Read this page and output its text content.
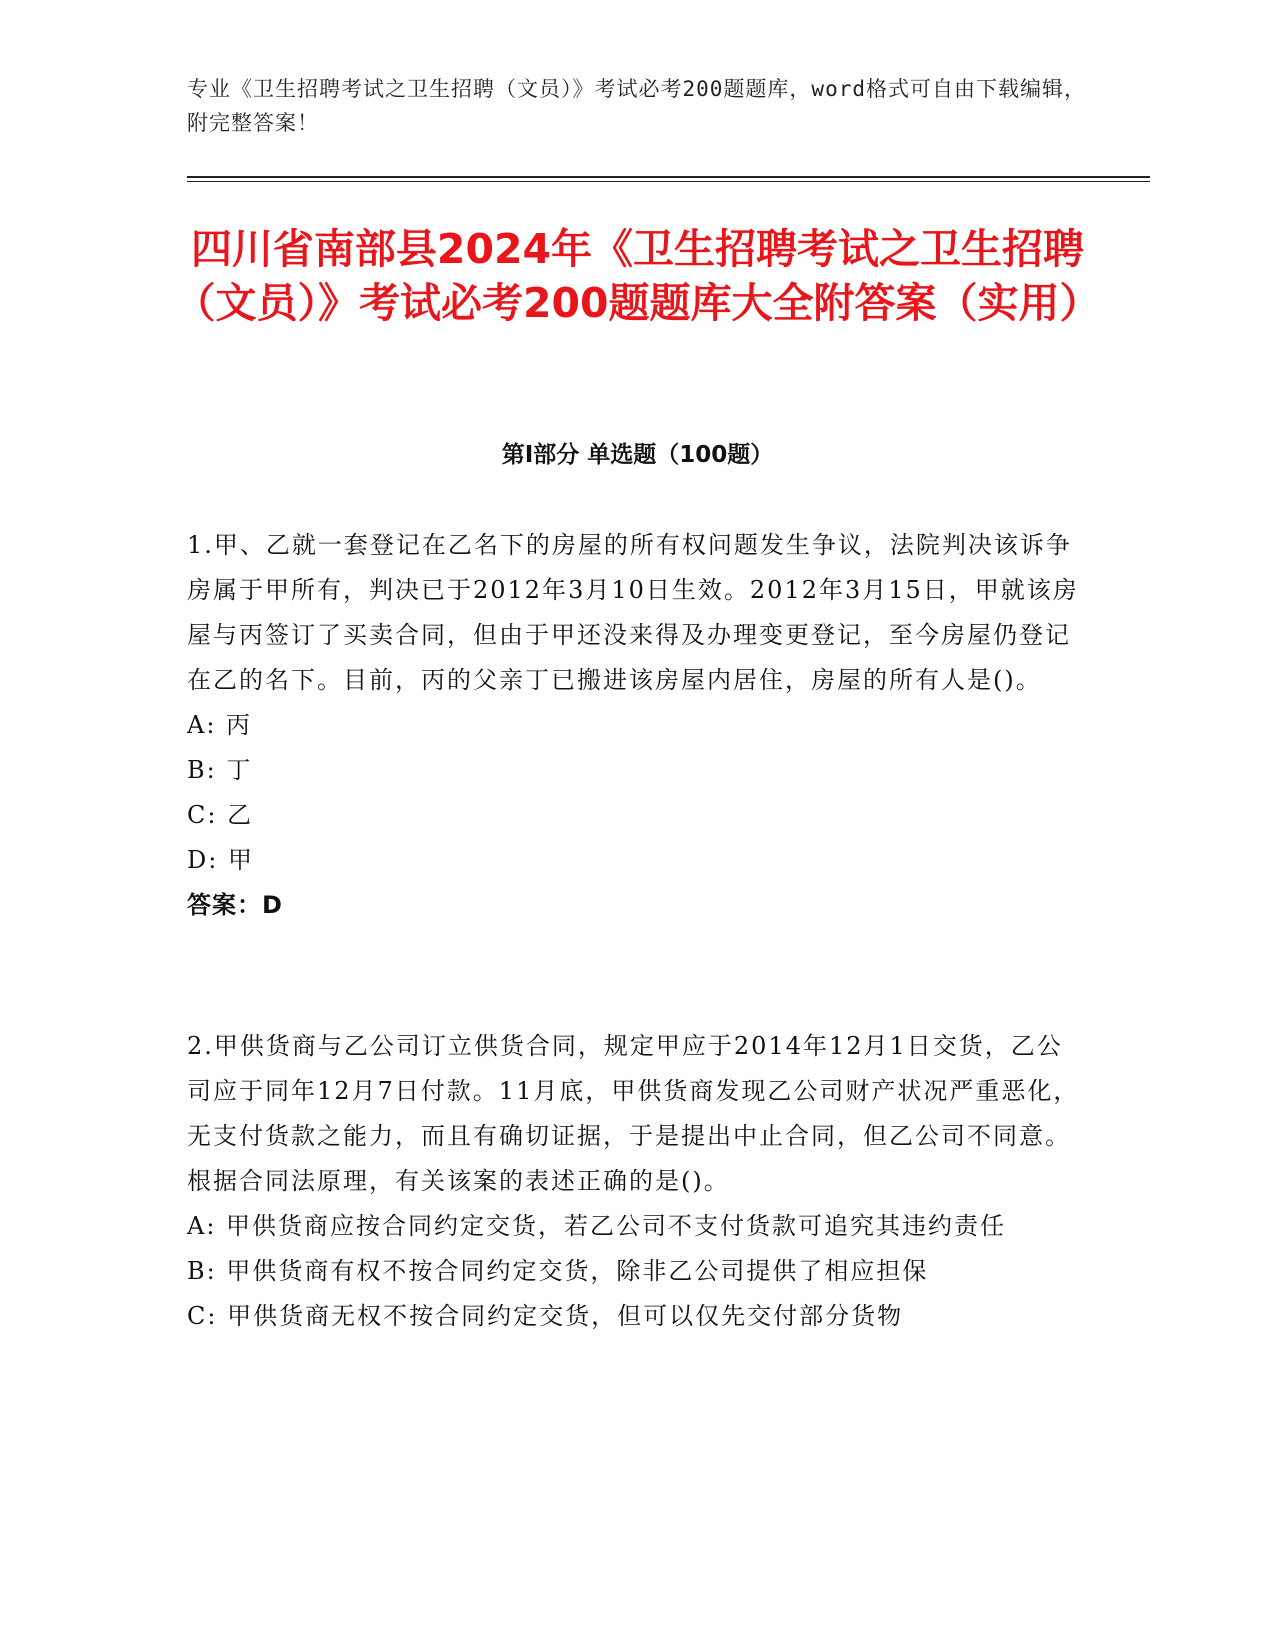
专业《卫生招聘考试之卫生招聘（文员）》考试必考200题题库，word格式可自由下载编辑，附完整答案！
四川省南部县2024年《卫生招聘考试之卫生招聘（文员）》考试必考200题题库大全附答案（实用）
第I部分 单选题（100题）

1.甲、乙就一套登记在乙名下的房屋的所有权问题发生争议，法院判决该诉争房属于甲所有，判决已于2012年3月10日生效。2012年3月15日，甲就该房屋与丙签订了买卖合同，但由于甲还没来得及办理变更登记，至今房屋仍登记在乙的名下。目前，丙的父亲丁已搬进该房屋内居住，房屋的所有人是()。

A: 丙

B: 丁

C: 乙

D: 甲

答案：D

2.甲供货商与乙公司订立供货合同，规定甲应于2014年12月1日交货，乙公司应于同年12月7日付款。11月底，甲供货商发现乙公司财产状况严重恶化，无支付货款之能力，而且有确切证据，于是提出中止合同，但乙公司不同意。根据合同法原理，有关该案的表述正确的是()。

A: 甲供货商应按合同约定交货，若乙公司不支付货款可追究其违约责任

B: 甲供货商有权不按合同约定交货，除非乙公司提供了相应担保

C: 甲供货商无权不按合同约定交货，但可以仅先交付部分货物
